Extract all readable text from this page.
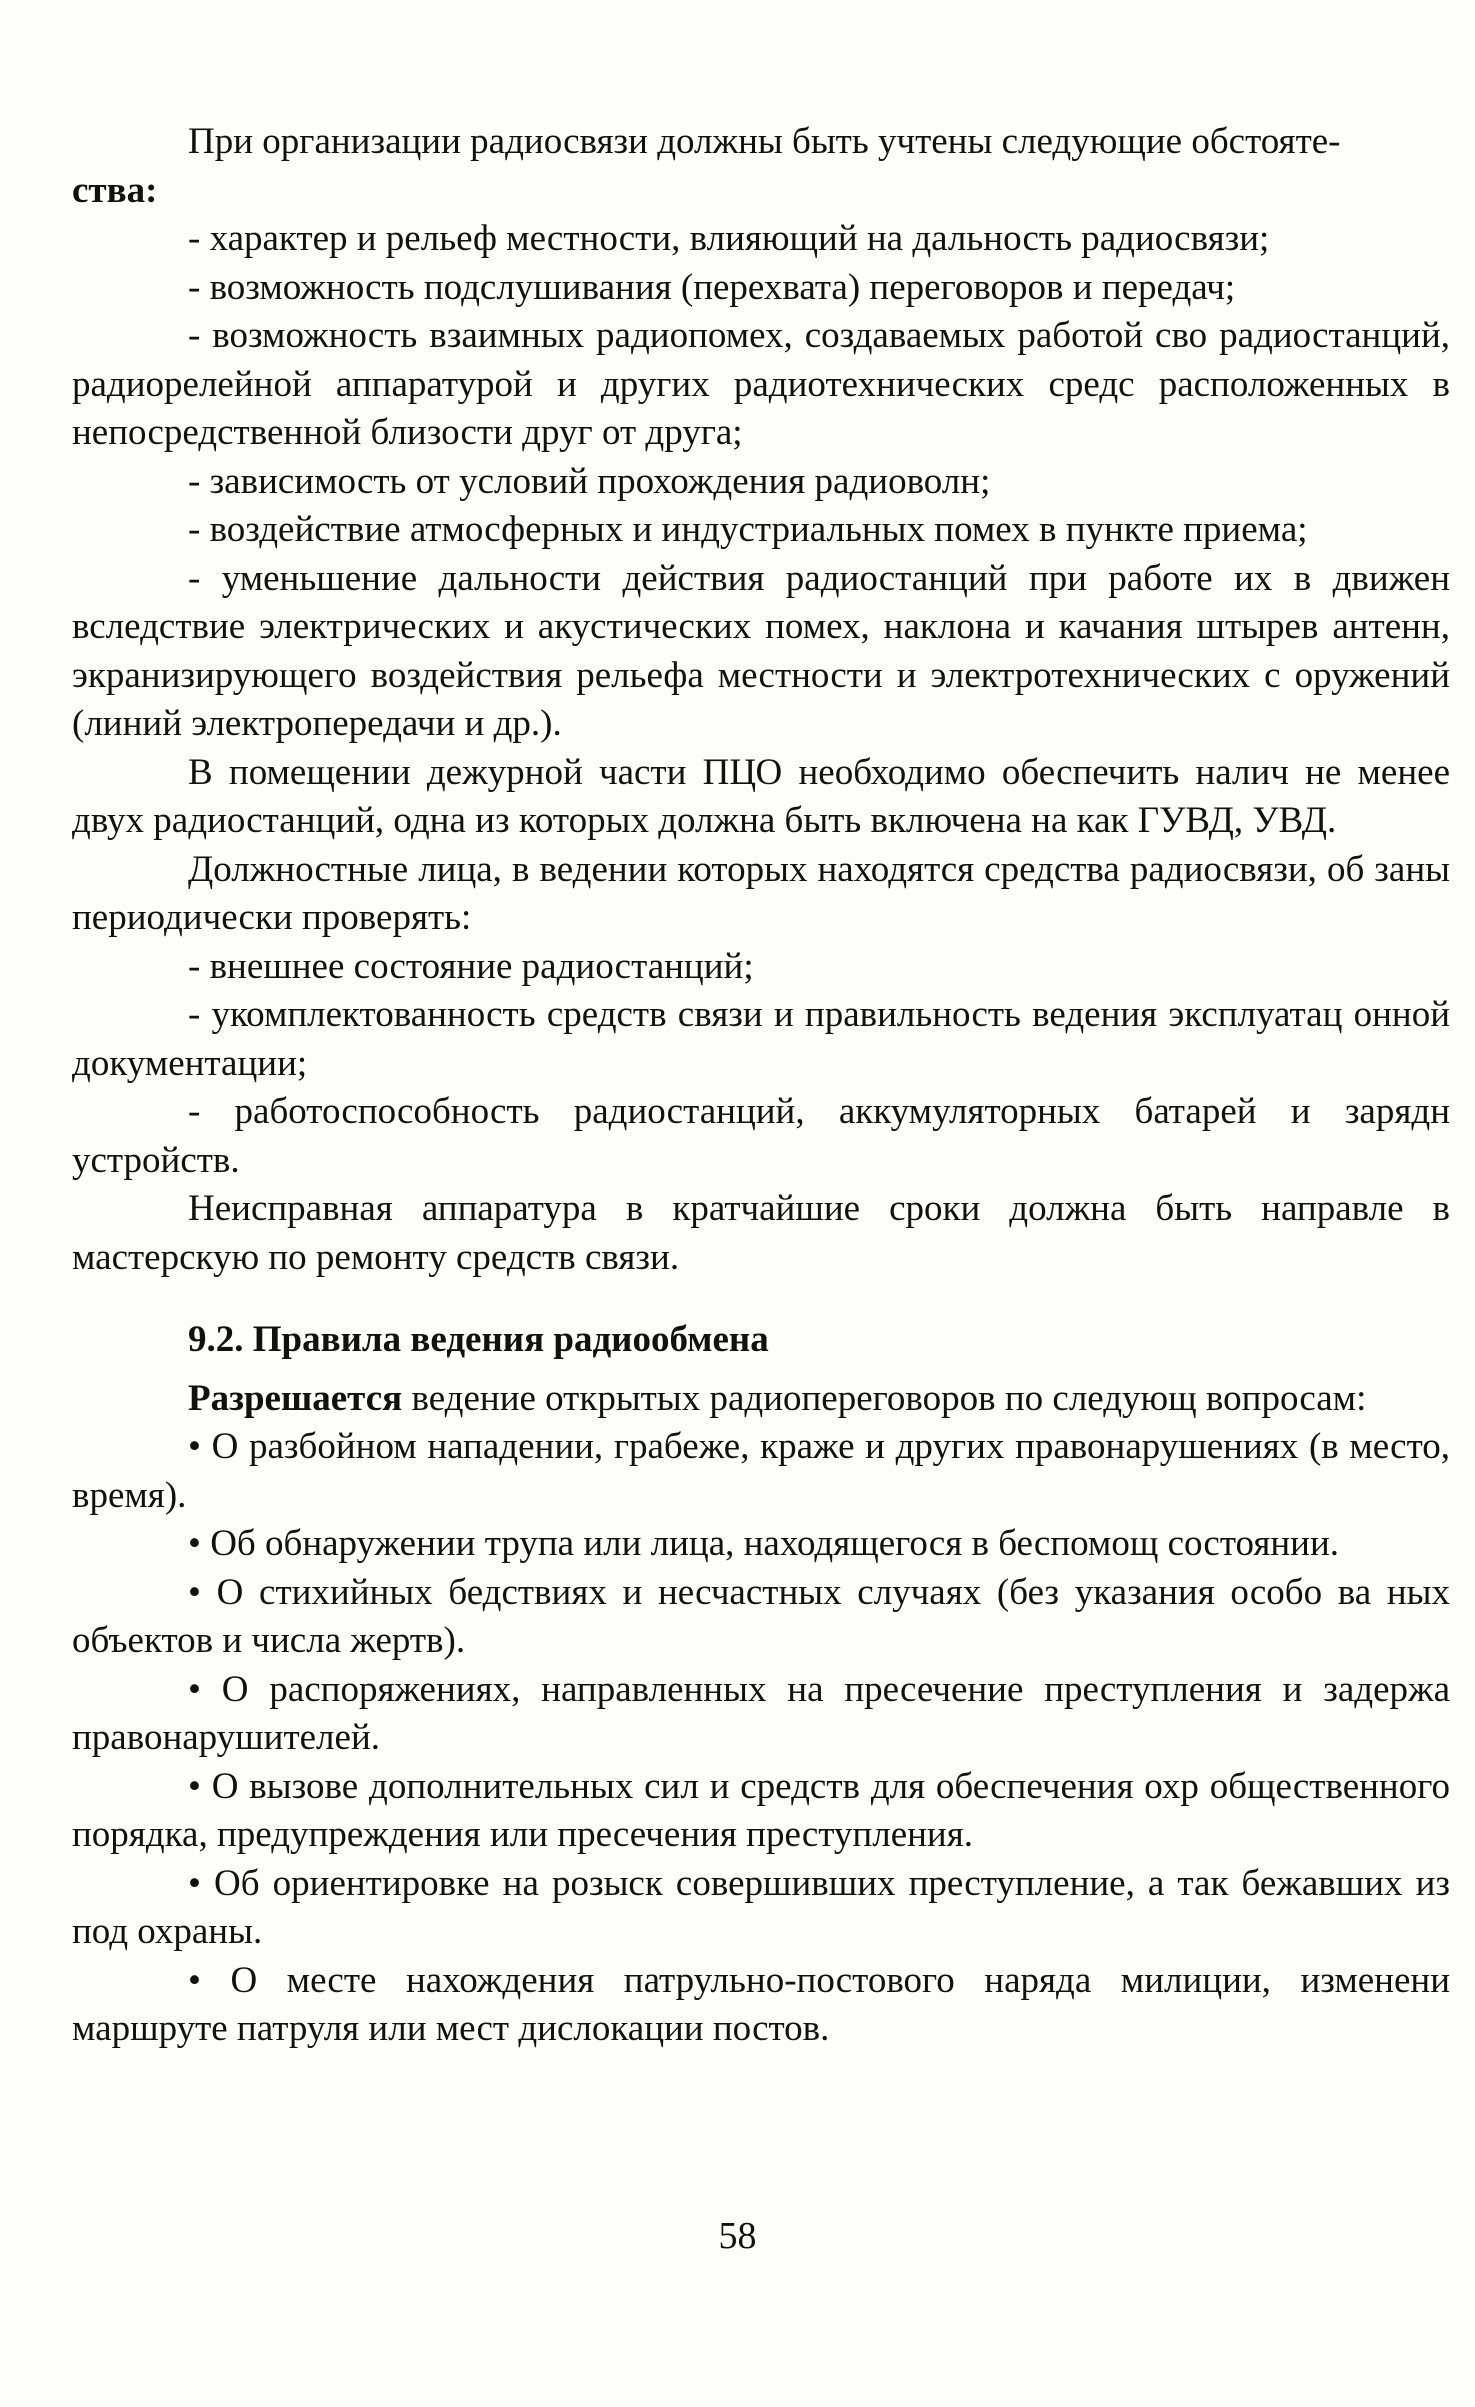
При организации радиосвязи должны быть учтены следующие обстояте-
ства:

- характер и рельеф местности, влияющий на дальность радиосвязи;

- возможность подслушивания (перехвата) переговоров и передач;

- возможность взаимных радиопомех, создаваемых работой сво радиостанций, радиорелейной аппаратурой и других радиотехнических средс расположенных в непосредственной близости друг от друга;

- зависимость от условий прохождения радиоволн;

- воздействие атмосферных и индустриальных помех в пункте приема;

- уменьшение дальности действия радиостанций при работе их в движен вследствие электрических и акустических помех, наклона и качания штырев антенн, экранизирующего воздействия рельефа местности и электротехнических с оружений (линий электропередачи и др.).

В помещении дежурной части ПЦО необходимо обеспечить налич не менее двух радиостанций, одна из которых должна быть включена на как ГУВД, УВД.

Должностные лица, в ведении которых находятся средства радиосвязи, об заны периодически проверять:

- внешнее состояние радиостанций;

- укомплектованность средств связи и правильность ведения эксплуатац онной документации;

- работоспособность радиостанций, аккумуляторных батарей и зарядн устройств.

Неисправная аппаратура в кратчайшие сроки должна быть направле в мастерскую по ремонту средств связи.

9.2. Правила ведения радиообмена

Разрешается ведение открытых радиопереговоров по следующ вопросам:

• О разбойном нападении, грабеже, краже и других правонарушениях (в место, время).

• Об обнаружении трупа или лица, находящегося в беспомощ состоянии.

• О стихийных бедствиях и несчастных случаях (без указания особо ва ных объектов и числа жертв).

• О распоряжениях, направленных на пресечение преступления и задержа правонарушителей.

• О вызове дополнительных сил и средств для обеспечения охр общественного порядка, предупреждения или пресечения преступления.

• Об ориентировке на розыск совершивших преступление, а так бежавших из под охраны.

• О месте нахождения патрульно-постового наряда милиции, изменени маршруте патруля или мест дислокации постов.

58
